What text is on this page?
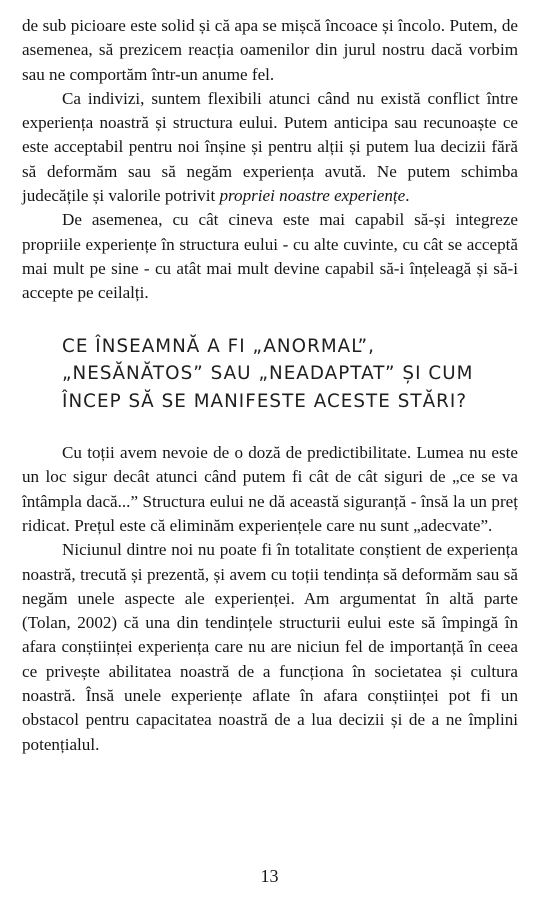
de sub picioare este solid și că apa se mișcă încoace și încolo. Putem, de asemenea, să prezicem reacția oamenilor din jurul nostru dacă vorbim sau ne comportăm într-un anume fel.

Ca indivizi, suntem flexibili atunci când nu există conflict între experiența noastră și structura eului. Putem anticipa sau recunoaște ce este acceptabil pentru noi înșine și pentru alții și putem lua decizii fără să deformăm sau să negăm experiența avută. Ne putem schimba judecățile și valorile potrivit propriei noastre experiențe.

De asemenea, cu cât cineva este mai capabil să-și integreze propriile experiențe în structura eului - cu alte cuvinte, cu cât se acceptă mai mult pe sine - cu atât mai mult devine capabil să-i înțeleagă și să-i accepte pe ceilalți.

CE ÎNSEAMNĂ A FI „ANORMAL”,
„NESĂNĂTOS” SAU „NEADAPTAT” ȘI CUM
ÎNCEP SĂ SE MANIFESTE ACESTE STĂRI?

Cu toții avem nevoie de o doză de predictibilitate. Lumea nu este un loc sigur decât atunci când putem fi cât de cât siguri de „ce se va întâmpla dacă...” Structura eului ne dă această siguranță - însă la un preț ridicat. Prețul este că eliminăm experiențele care nu sunt „adecvate”.

Niciunul dintre noi nu poate fi în totalitate conștient de experiența noastră, trecută și prezentă, și avem cu toții tendința să deformăm sau să negăm unele aspecte ale experienței. Am argumentat în altă parte (Tolan, 2002) că una din tendințele structurii eului este să împingă în afara conștiinței experiența care nu are niciun fel de importanță în ceea ce privește abilitatea noastră de a funcționa în societatea și cultura noastră. Însă unele experiențe aflate în afara conștiinței pot fi un obstacol pentru capacitatea noastră de a lua decizii și de a ne împlini potențialul.

13
